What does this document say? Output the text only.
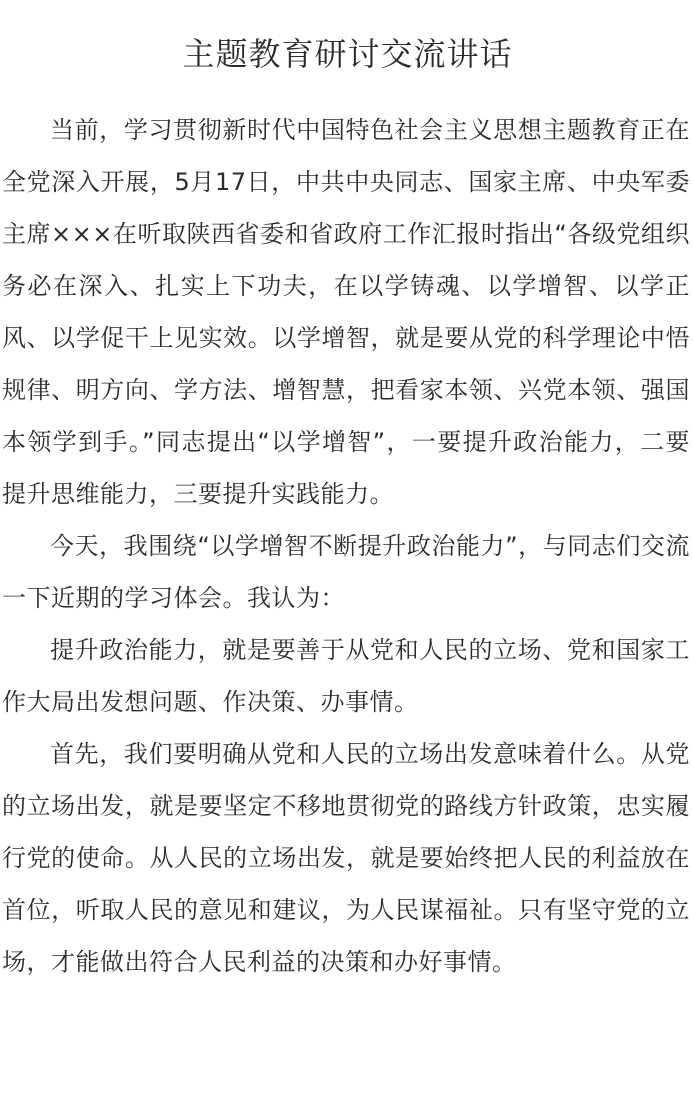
主题教育研讨交流讲话

当前，学习贯彻新时代中国特色社会主义思想主题教育正在全党深入开展，5月17日，中共中央同志、国家主席、中央军委主席×××在听取陕西省委和省政府工作汇报时指出“各级党组织务必在深入、扎实上下功夫，在以学铸魂、以学增智、以学正风、以学促干上见实效。以学增智，就是要从党的科学理论中悟规律、明方向、学方法、增智慧，把看家本领、兴党本领、强国本领学到手。”同志提出“以学增智”，一要提升政治能力，二要提升思维能力，三要提升实践能力。

今天，我围绕“以学增智不断提升政治能力”，与同志们交流一下近期的学习体会。我认为：

提升政治能力，就是要善于从党和人民的立场、党和国家工作大局出发想问题、作决策、办事情。

首先，我们要明确从党和人民的立场出发意味着什么。从党的立场出发，就是要坚定不移地贯彻党的路线方针政策，忠实履行党的使命。从人民的立场出发，就是要始终把人民的利益放在首位，听取人民的意见和建议，为人民谋福祉。只有坚守党的立场，才能做出符合人民利益的决策和办好事情。
